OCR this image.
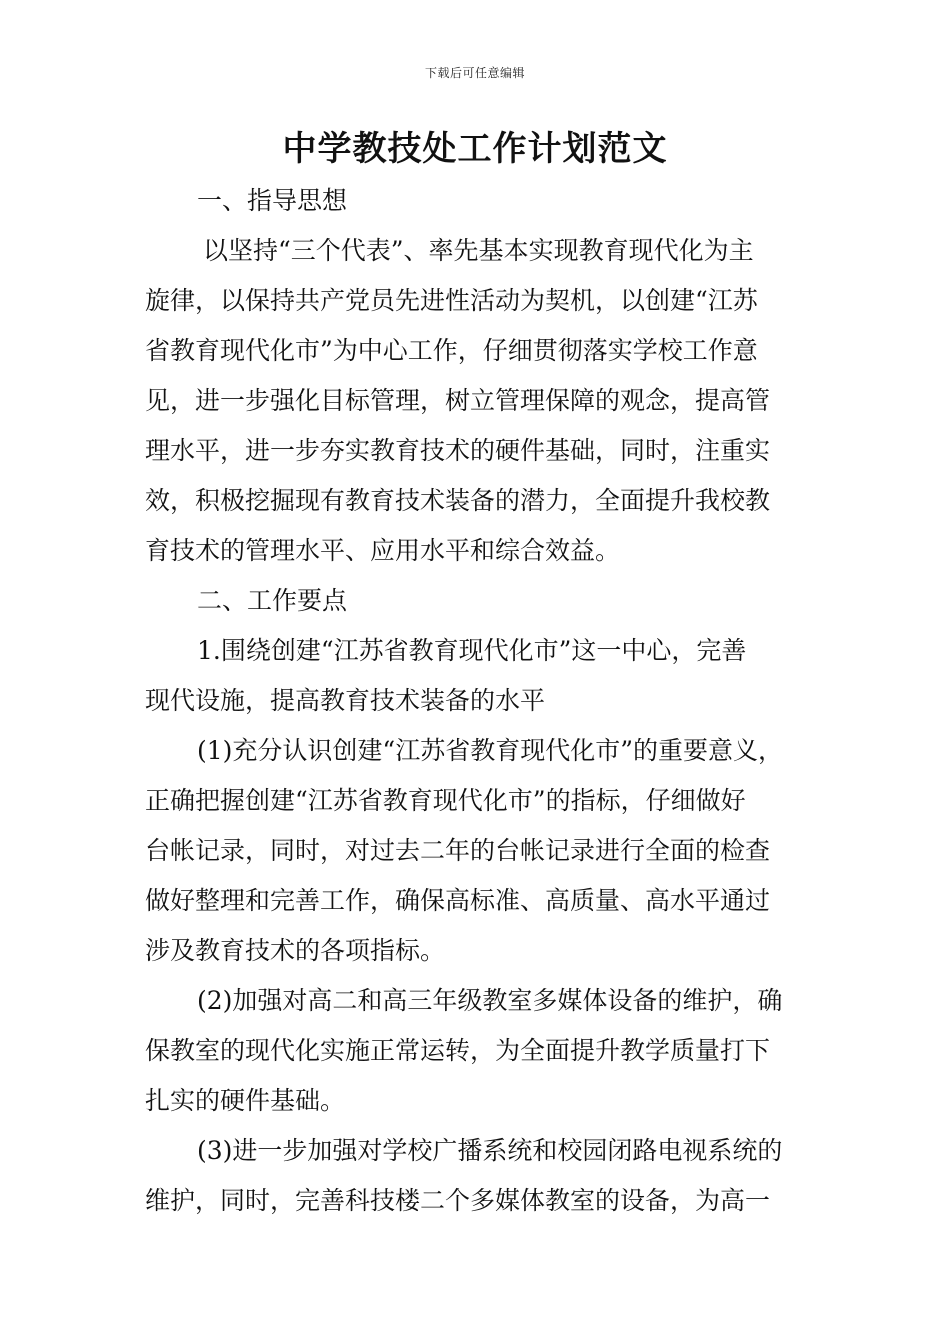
下载后可任意编辑
中学教技处工作计划范文
一、指导思想
以坚持“三个代表”、率先基本实现教育现代化为主
旋律，以保持共产党员先进性活动为契机，以创建“江苏
省教育现代化市”为中心工作，仔细贯彻落实学校工作意
见，进一步强化目标管理，树立管理保障的观念，提高管
理水平，进一步夯实教育技术的硬件基础，同时，注重实
效，积极挖掘现有教育技术装备的潜力，全面提升我校教
育技术的管理水平、应用水平和综合效益。
二、工作要点
1.围绕创建“江苏省教育现代化市”这一中心，完善
现代设施，提高教育技术装备的水平
(1)充分认识创建“江苏省教育现代化市”的重要意义，
正确把握创建“江苏省教育现代化市”的指标，仔细做好
台帐记录，同时，对过去二年的台帐记录进行全面的检查
做好整理和完善工作，确保高标准、高质量、高水平通过
涉及教育技术的各项指标。
(2)加强对高二和高三年级教室多媒体设备的维护，确
保教室的现代化实施正常运转，为全面提升教学质量打下
扎实的硬件基础。
(3)进一步加强对学校广播系统和校园闭路电视系统的
维护，同时，完善科技楼二个多媒体教室的设备，为高一
